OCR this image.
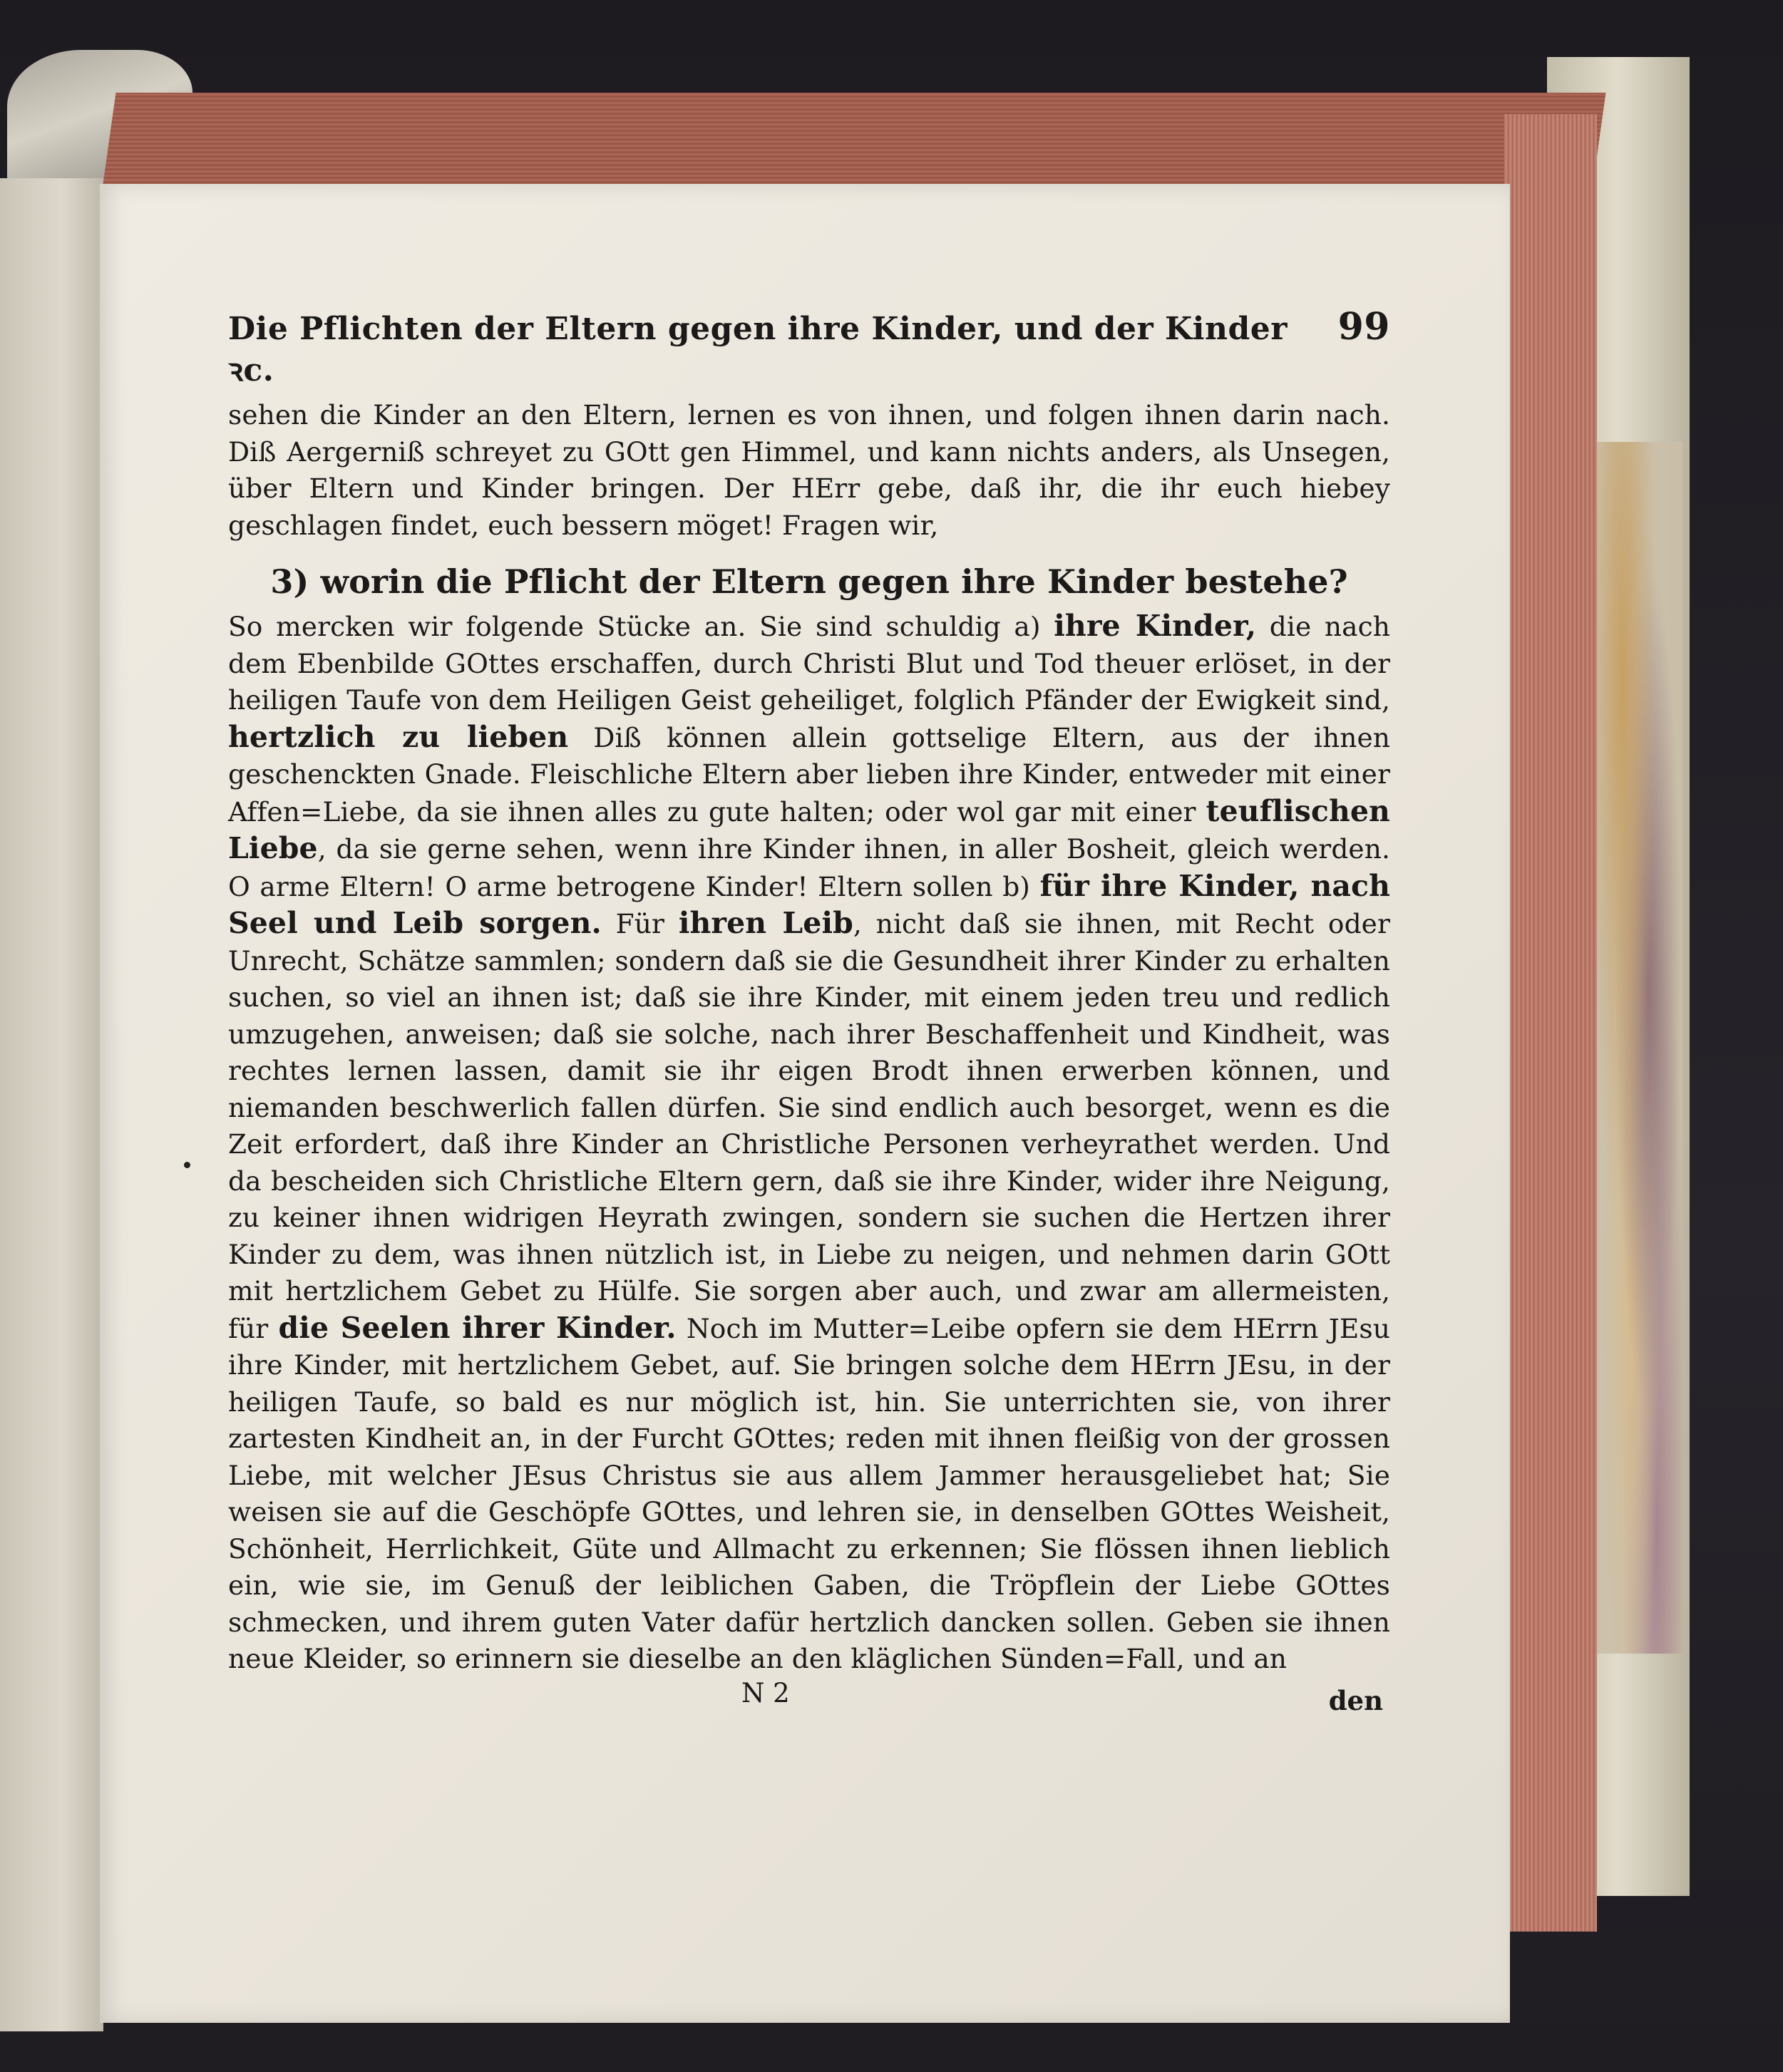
Die Pflichten der Eltern gegen ihre Kinder, und der Kinder ꝛc.
99

sehen die Kinder an den Eltern, lernen es von ihnen, und folgen ihnen darin nach. Diß Aergerniß schreyet zu GOtt gen Himmel, und kann nichts anders, als Unsegen, über Eltern und Kinder bringen. Der HErr gebe, daß ihr, die ihr euch hiebey geschlagen findet, euch bessern möget! Fragen wir,

3) worin die Pflicht der Eltern gegen ihre Kinder bestehe?

So mercken wir folgende Stücke an. Sie sind schuldig a) ihre Kinder, die nach dem Ebenbilde GOttes erschaffen, durch Christi Blut und Tod theuer erlöset, in der heiligen Taufe von dem Heiligen Geist geheiliget, folglich Pfänder der Ewigkeit sind, hertzlich zu lieben Diß können allein gottselige Eltern, aus der ihnen geschenckten Gnade. Fleischliche Eltern aber lieben ihre Kinder, entweder mit einer Affen=Liebe, da sie ihnen alles zu gute halten; oder wol gar mit einer teuflischen Liebe, da sie gerne sehen, wenn ihre Kinder ihnen, in aller Bosheit, gleich werden. O arme Eltern! O arme betrogene Kinder! Eltern sollen b) für ihre Kinder, nach Seel und Leib sorgen. Für ihren Leib, nicht daß sie ihnen, mit Recht oder Unrecht, Schätze sammlen; sondern daß sie die Gesundheit ihrer Kinder zu erhalten suchen, so viel an ihnen ist; daß sie ihre Kinder, mit einem jeden treu und redlich umzugehen, anweisen; daß sie solche, nach ihrer Beschaffenheit und Kindheit, was rechtes lernen lassen, damit sie ihr eigen Brodt ihnen erwerben können, und niemanden beschwerlich fallen dürfen. Sie sind endlich auch besorget, wenn es die Zeit erfordert, daß ihre Kinder an Christliche Personen verheyrathet werden. Und da bescheiden sich Christliche Eltern gern, daß sie ihre Kinder, wider ihre Neigung, zu keiner ihnen widrigen Heyrath zwingen, sondern sie suchen die Hertzen ihrer Kinder zu dem, was ihnen nützlich ist, in Liebe zu neigen, und nehmen darin GOtt mit hertzlichem Gebet zu Hülfe. Sie sorgen aber auch, und zwar am allermeisten, für die Seelen ihrer Kinder. Noch im Mutter=Leibe opfern sie dem HErrn JEsu ihre Kinder, mit hertzlichem Gebet, auf. Sie bringen solche dem HErrn JEsu, in der heiligen Taufe, so bald es nur möglich ist, hin. Sie unterrichten sie, von ihrer zartesten Kindheit an, in der Furcht GOttes; reden mit ihnen fleißig von der grossen Liebe, mit welcher JEsus Christus sie aus allem Jammer herausgeliebet hat; Sie weisen sie auf die Geschöpfe GOttes, und lehren sie, in denselben GOttes Weisheit, Schönheit, Herrlichkeit, Güte und Allmacht zu erkennen; Sie flössen ihnen lieblich ein, wie sie, im Genuß der leiblichen Gaben, die Tröpflein der Liebe GOttes schmecken, und ihrem guten Vater dafür hertzlich dancken sollen. Geben sie ihnen neue Kleider, so erinnern sie dieselbe an den kläglichen Sünden=Fall, und an

N 2	den
